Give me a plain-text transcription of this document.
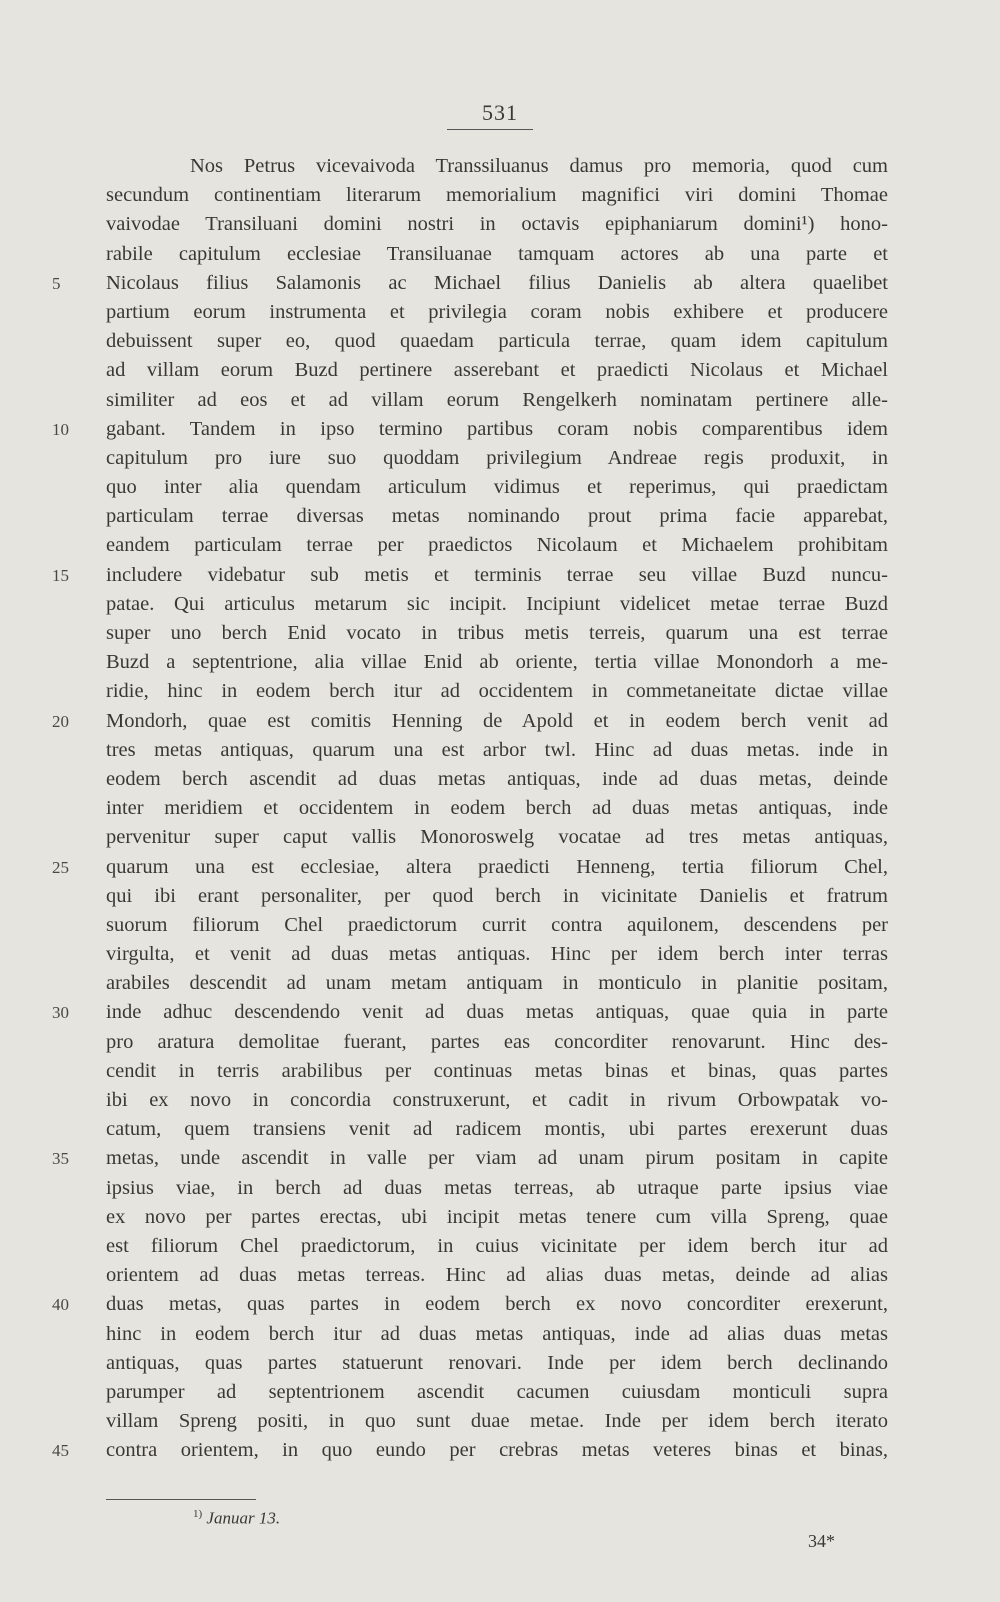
531
5
10
15
20
25
30
35
40
45
Nos Petrus vicevaivoda Transsiluanus damus pro memoria, quod cum
secundum continentiam literarum memorialium magnifici viri domini Thomae
vaivodae Transiluani domini nostri in octavis epiphaniarum domini¹) hono-
rabile capitulum ecclesiae Transiluanae tamquam actores ab una parte et
Nicolaus filius Salamonis ac Michael filius Danielis ab altera quaelibet
partium eorum instrumenta et privilegia coram nobis exhibere et producere
debuissent super eo, quod quaedam particula terrae, quam idem capitulum
ad villam eorum Buzd pertinere asserebant et praedicti Nicolaus et Michael
similiter ad eos et ad villam eorum Rengelkerh nominatam pertinere alle-
gabant. Tandem in ipso termino partibus coram nobis comparentibus idem
capitulum pro iure suo quoddam privilegium Andreae regis produxit, in
quo inter alia quendam articulum vidimus et reperimus, qui praedictam
particulam terrae diversas metas nominando prout prima facie apparebat,
eandem particulam terrae per praedictos Nicolaum et Michaelem prohibitam
includere videbatur sub metis et terminis terrae seu villae Buzd nuncu-
patae. Qui articulus metarum sic incipit. Incipiunt videlicet metae terrae Buzd
super uno berch Enid vocato in tribus metis terreis, quarum una est terrae
Buzd a septentrione, alia villae Enid ab oriente, tertia villae Monondorh a me-
ridie, hinc in eodem berch itur ad occidentem in commetaneitate dictae villae
Mondorh, quae est comitis Henning de Apold et in eodem berch venit ad
tres metas antiquas, quarum una est arbor twl. Hinc ad duas metas. inde in
eodem berch ascendit ad duas metas antiquas, inde ad duas metas, deinde
inter meridiem et occidentem in eodem berch ad duas metas antiquas, inde
pervenitur super caput vallis Monoroswelg vocatae ad tres metas antiquas,
quarum una est ecclesiae, altera praedicti Henneng, tertia filiorum Chel,
qui ibi erant personaliter, per quod berch in vicinitate Danielis et fratrum
suorum filiorum Chel praedictorum currit contra aquilonem, descendens per
virgulta, et venit ad duas metas antiquas. Hinc per idem berch inter terras
arabiles descendit ad unam metam antiquam in monticulo in planitie positam,
inde adhuc descendendo venit ad duas metas antiquas, quae quia in parte
pro aratura demolitae fuerant, partes eas concorditer renovarunt. Hinc des-
cendit in terris arabilibus per continuas metas binas et binas, quas partes
ibi ex novo in concordia construxerunt, et cadit in rivum Orbowpatak vo-
catum, quem transiens venit ad radicem montis, ubi partes erexerunt duas
metas, unde ascendit in valle per viam ad unam pirum positam in capite
ipsius viae, in berch ad duas metas terreas, ab utraque parte ipsius viae
ex novo per partes erectas, ubi incipit metas tenere cum villa Spreng, quae
est filiorum Chel praedictorum, in cuius vicinitate per idem berch itur ad
orientem ad duas metas terreas. Hinc ad alias duas metas, deinde ad alias
duas metas, quas partes in eodem berch ex novo concorditer erexerunt,
hinc in eodem berch itur ad duas metas antiquas, inde ad alias duas metas
antiquas, quas partes statuerunt renovari. Inde per idem berch declinando
parumper ad septentrionem ascendit cacumen cuiusdam monticuli supra
villam Spreng positi, in quo sunt duae metae. Inde per idem berch iterato
contra orientem, in quo eundo per crebras metas veteres binas et binas,
$^{1)}$ Januar 13.
34*
